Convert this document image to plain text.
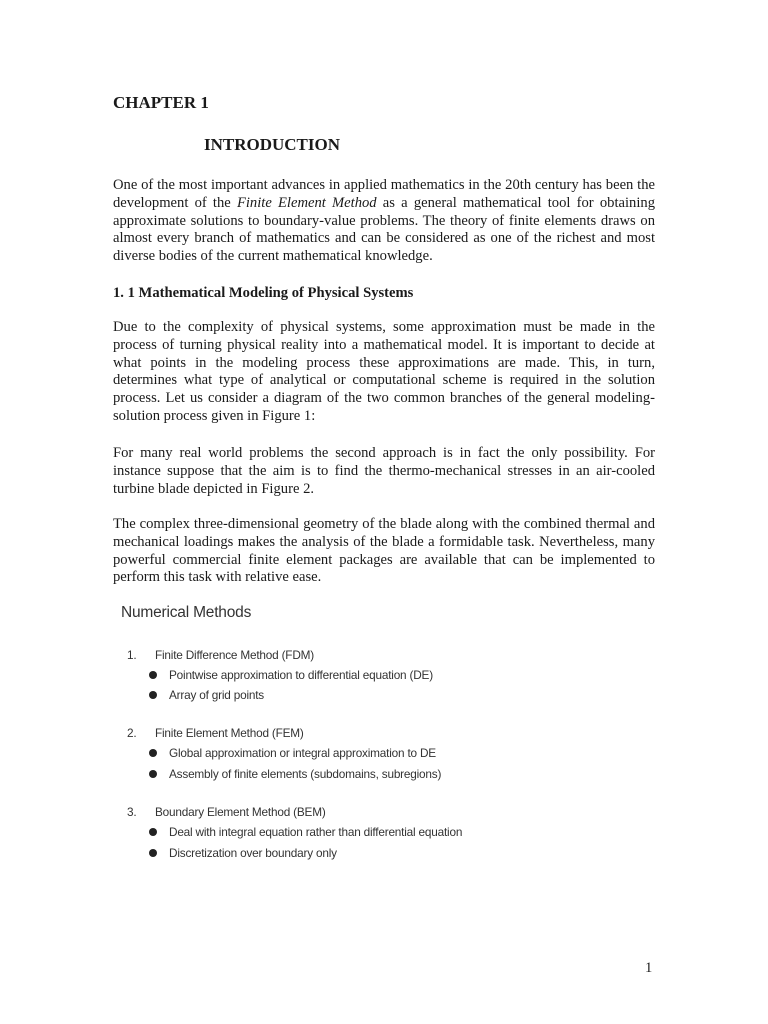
CHAPTER 1
INTRODUCTION

One of the most important advances in applied mathematics in the 20th century has been the development of the Finite Element Method as a general mathematical tool for obtaining approximate solutions to boundary-value problems. The theory of finite elements draws on almost every branch of mathematics and can be considered as one of the richest and most diverse bodies of the current mathematical knowledge.

1. 1 Mathematical Modeling of Physical Systems

Due to the complexity of physical systems, some approximation must be made in the process of turning physical reality into a mathematical model. It is important to decide at what points in the modeling process these approximations are made. This, in turn, determines what type of analytical or computational scheme is required in the solution process. Let us consider a diagram of the two common branches of the general modeling-solution process given in Figure 1:

For many real world problems the second approach is in fact the only possibility. For instance suppose that the aim is to find the thermo-mechanical stresses in an air-cooled turbine blade depicted in Figure 2.

The complex three-dimensional geometry of the blade along with the combined thermal and mechanical loadings makes the analysis of the blade a formidable task. Nevertheless, many powerful commercial finite element packages are available that can be implemented to perform this task with relative ease.

Numerical Methods
1. Finite Difference Method (FDM)
Pointwise approximation to differential equation (DE)
Array of grid points
2. Finite Element Method (FEM)
Global approximation or integral approximation to DE
Assembly of finite elements (subdomains, subregions)
3. Boundary Element Method (BEM)
Deal with integral equation rather than differential equation
Discretization over boundary only
1
